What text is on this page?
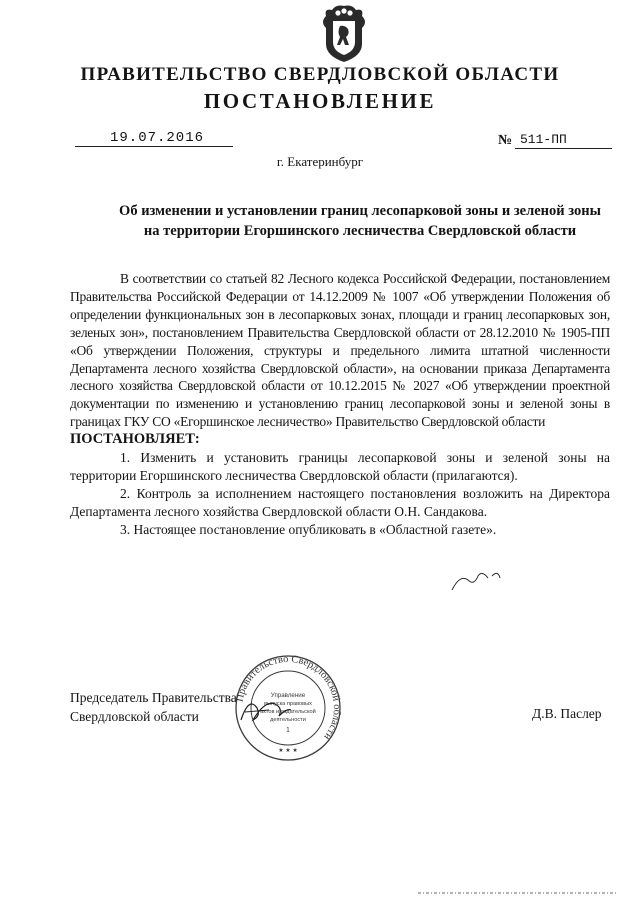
ПРАВИТЕЛЬСТВО СВЕРДЛОВСКОЙ ОБЛАСТИ
ПОСТАНОВЛЕНИЕ
19.07.2016	№ 511-ПП
г. Екатеринбург
Об изменении и установлении границ лесопарковой зоны и зеленой зоны
на территории Егоршинского лесничества Свердловской области

В соответствии со статьей 82 Лесного кодекса Российской Федерации, постановлением Правительства Российской Федерации от 14.12.2009 № 1007 «Об утверждении Положения об определении функциональных зон в лесопарковых зонах, площади и границ лесопарковых зон, зеленых зон», постановлением Правительства Свердловской области от 28.12.2010 № 1905-ПП «Об утверждении Положения, структуры и предельного лимита штатной численности Департамента лесного хозяйства Свердловской области», на основании приказа Департамента лесного хозяйства Свердловской области от 10.12.2015 № 2027 «Об утверждении проектной документации по изменению и установлению границ лесопарковой зоны и зеленой зоны в границах ГКУ СО «Егоршинское лесничество» Правительство Свердловской области

ПОСТАНОВЛЯЕТ:

1. Изменить и установить границы лесопарковой зоны и зеленой зоны на территории Егоршинского лесничества Свердловской области (прилагаются).

2. Контроль за исполнением настоящего постановления возложить на Директора Департамента лесного хозяйства Свердловской области О.Н. Сандакова.

3. Настоящее постановление опубликовать в «Областной газете».

Председатель Правительства
Свердловской области	Д.В. Паслер
Правительство Свердловской области
Управление
выпуска правовых
актов и издательской
деятельности
1
★ ★ ★
